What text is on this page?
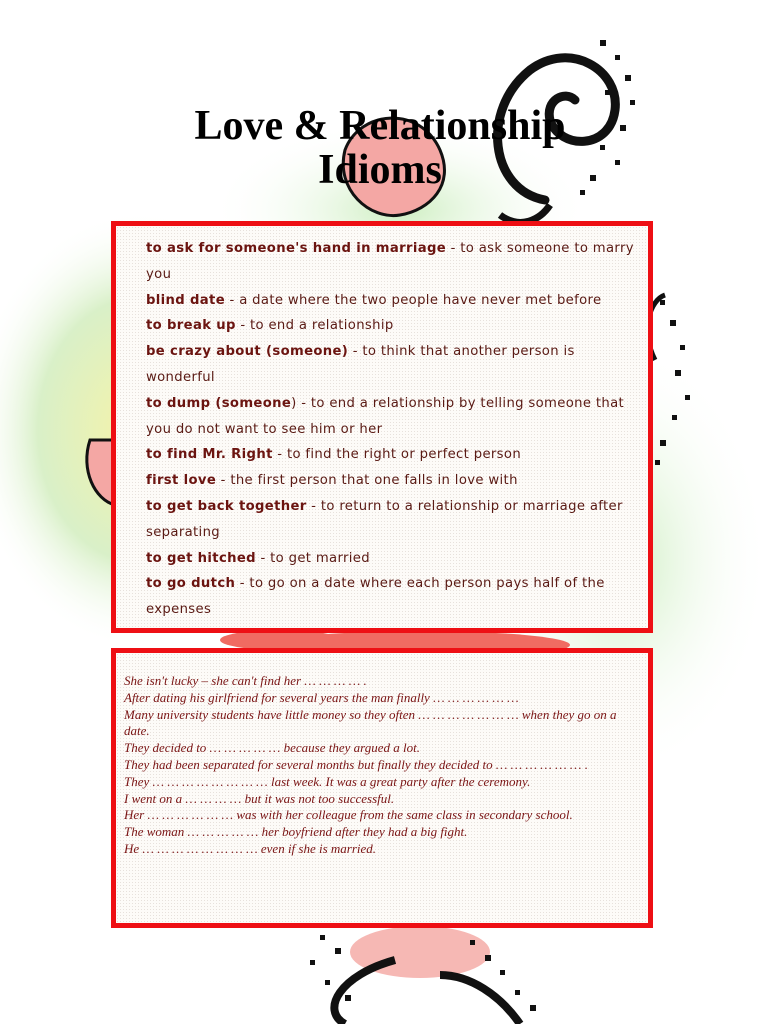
Love & Relationship
Idioms
to ask for someone's hand in marriage - to ask someone to marry you
blind date - a date where the two people have never met before
to break up - to end a relationship
be crazy about (someone) - to think that another person is wonderful
to dump (someone) - to end a relationship by telling someone that you do not want to see him or her
to find Mr. Right - to find the right or perfect person
first love - the first person that one falls in love with
to get back together - to return to a relationship or marriage after separating
to get hitched - to get married
to go dutch - to go on a date where each person pays half of the expenses
She isn't lucky – she can't find her … … … … .
After dating his girlfriend for several years the man finally … … … … … …
Many university students have little money so they often … … … … … … … when they go on a date.
They decided to … … … … … because they argued a lot.
They had been separated for several months but finally they decided to … … … … … … .
They … … … … … … … … last week. It was a great party after the ceremony.
I went on a … … … … but it was not too successful.
Her … … … … … … was with her colleague from the same class in secondary school.
The woman … … … … … her boyfriend after they had a big fight.
He … … … … … … … … even if she is married.
